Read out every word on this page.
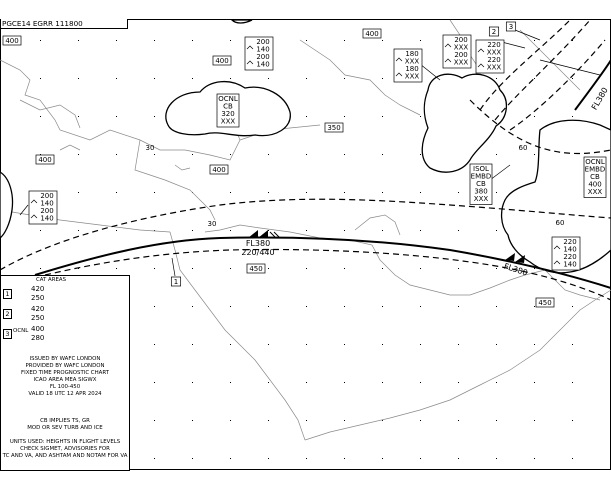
400
400
400
400
400
350
450
450
FL380
220/440
FL380
FL380
OCNL
CB
320
XXX
ISOL
EMBD
CB
380
XXX
OCNL
EMBD
CB
400
XXX
200
140
200
140
180
XXX
180
XXX
200
XXX
200
XXX
220
XXX
220
XXX
200
140
200
140
220
140
220
140
1
2
3
30
30
60
60
PGCE14 EGRR 111800
CAT AREAS
1
420
250
2
420
250
3 OCNL 400
280
ISSUED BY WAFC LONDON
PROVIDED BY WAFC LONDON
FIXED TIME PROGNOSTIC CHART
ICAO AREA MEA SIGWX
FL 100-450
VALID 18 UTC 12 APR 2024
CB IMPLIES TS, GR
MOD OR SEV TURB AND ICE

UNITS USED: HEIGHTS IN FLIGHT LEVELS
CHECK SIGMET, ADVISORIES FOR
TC AND VA, AND ASHTAM AND NOTAM FOR VA
